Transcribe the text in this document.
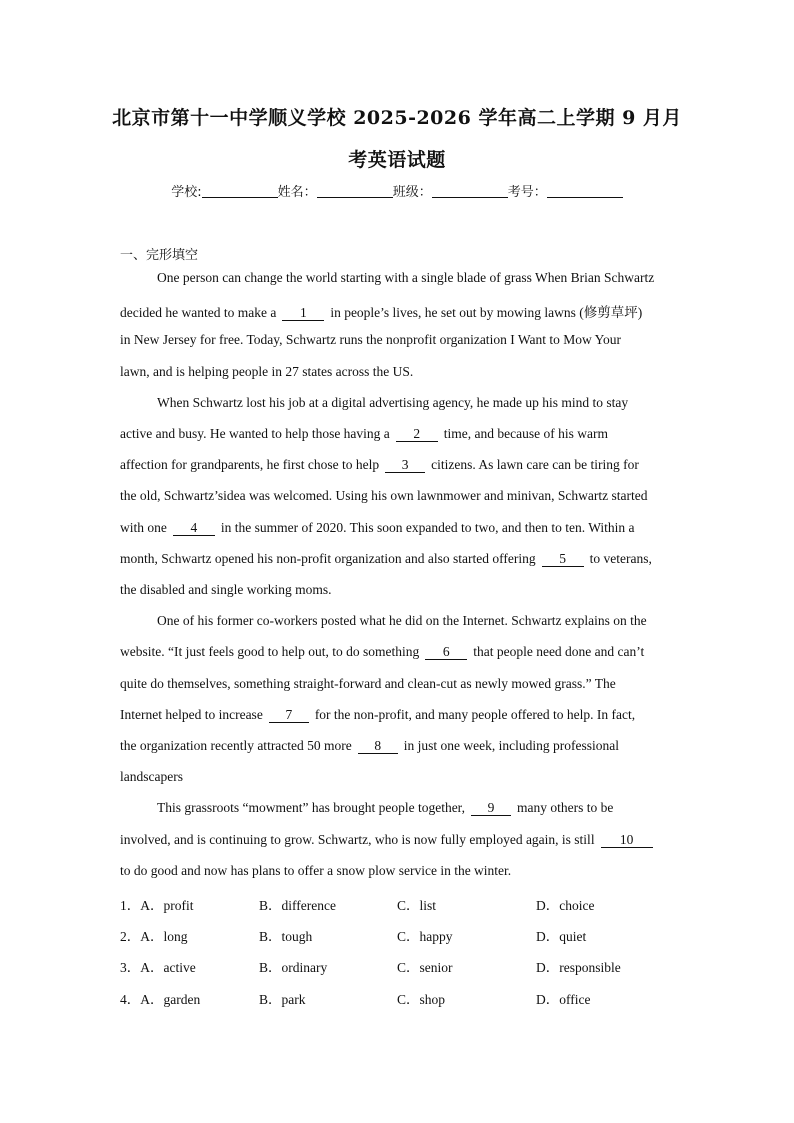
北京市第十一中学顺义学校 2025-2026 学年高二上学期 9 月月
考英语试题
学校:	姓名：	班级：	考号：
一、完形填空
One person can change the world starting with a single blade of grass When Brian Schwartz
decided he wanted to make a 1 in people’s lives, he set out by mowing lawns (修剪草坪)
in New Jersey for free. Today, Schwartz runs the nonprofit organization I Want to Mow Your
lawn, and is helping people in 27 states across the US.
When Schwartz lost his job at a digital advertising agency, he made up his mind to stay
active and busy. He wanted to help those having a 2 time, and because of his warm
affection for grandparents, he first chose to help 3 citizens. As lawn care can be tiring for
the old, Schwartz’sidea was welcomed. Using his own lawnmower and minivan, Schwartz started
with one 4 in the summer of 2020. This soon expanded to two, and then to ten. Within a
month, Schwartz opened his non-profit organization and also started offering 5 to veterans,
the disabled and single working moms.
One of his former co-workers posted what he did on the Internet. Schwartz explains on the
website. “It just feels good to help out, to do something 6 that people need done and can’t
quite do themselves, something straight-forward and clean-cut as newly mowed grass.” The
Internet helped to increase 7 for the non-profit, and many people offered to help. In fact,
the organization recently attracted 50 more 8 in just one week, including professional
landscapers
This grassroots “mowment” has brought people together, 9 many others to be
involved, and is continuing to grow. Schwartz, who is now fully employed again, is still 10
to do good and now has plans to offer a snow plow service in the winter.
1．A．profit	B．difference	C．list	D．choice
2．A．long	B．tough	C．happy	D．quiet
3．A．active	B．ordinary	C．senior	D．responsible
4．A．garden	B．park	C．shop	D．office
